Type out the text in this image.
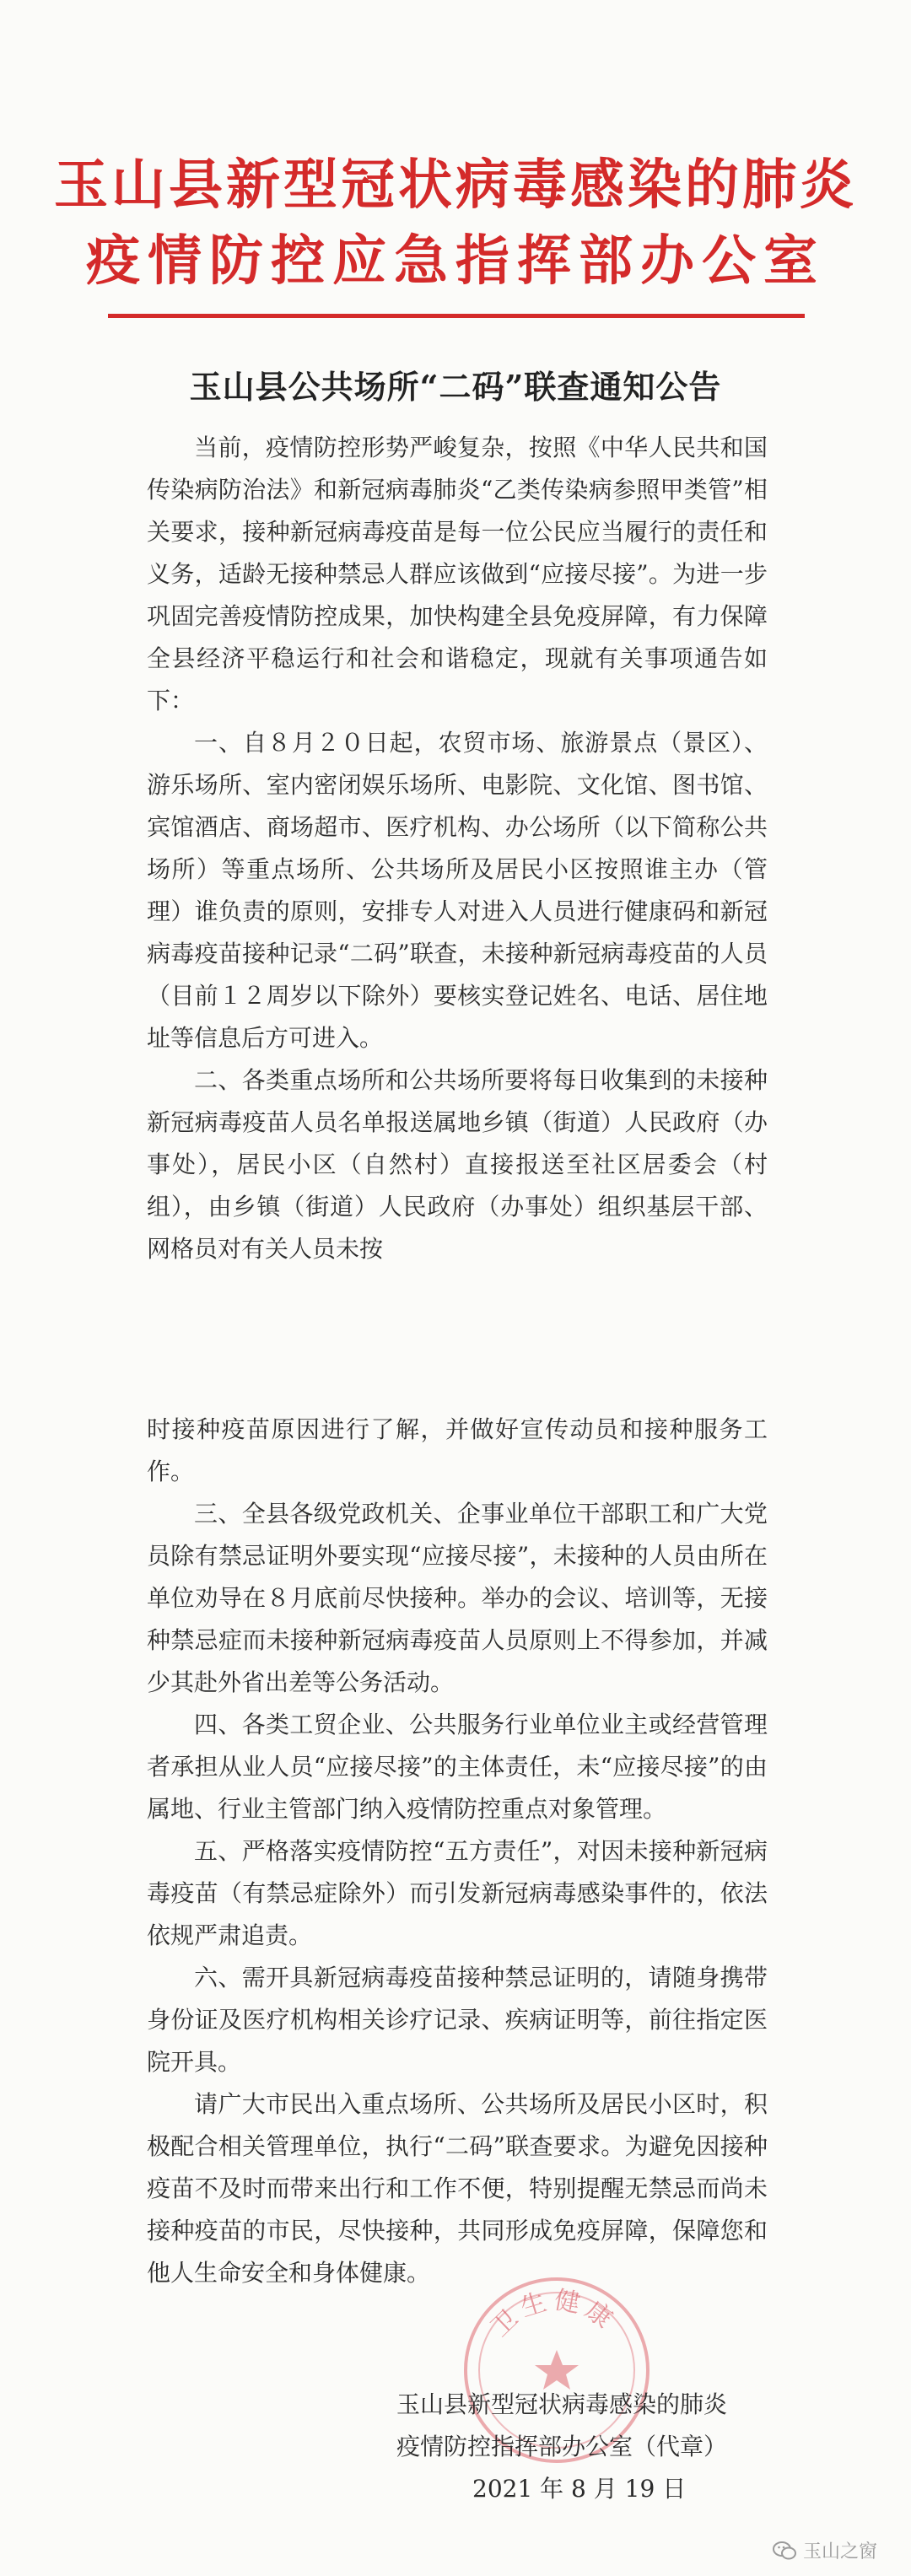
玉山县新型冠状病毒感染的肺炎
疫情防控应急指挥部办公室
玉山县公共场所“二码”联查通知公告

当前，疫情防控形势严峻复杂，按照《中华人民共和国传染病防治法》和新冠病毒肺炎“乙类传染病参照甲类管”相关要求，接种新冠病毒疫苗是每一位公民应当履行的责任和义务，适龄无接种禁忌人群应该做到“应接尽接”。为进一步巩固完善疫情防控成果，加快构建全县免疫屏障，有力保障全县经济平稳运行和社会和谐稳定，现就有关事项通告如下：

一、自８月２０日起，农贸市场、旅游景点（景区）、游乐场所、室内密闭娱乐场所、电影院、文化馆、图书馆、宾馆酒店、商场超市、医疗机构、办公场所（以下简称公共场所）等重点场所、公共场所及居民小区按照谁主办（管理）谁负责的原则，安排专人对进入人员进行健康码和新冠病毒疫苗接种记录“二码”联查，未接种新冠病毒疫苗的人员（目前１２周岁以下除外）要核实登记姓名、电话、居住地址等信息后方可进入。

二、各类重点场所和公共场所要将每日收集到的未接种新冠病毒疫苗人员名单报送属地乡镇（街道）人民政府（办事处），居民小区（自然村）直接报送至社区居委会（村组），由乡镇（街道）人民政府（办事处）组织基层干部、网格员对有关人员未按

时接种疫苗原因进行了解，并做好宣传动员和接种服务工作。

三、全县各级党政机关、企事业单位干部职工和广大党员除有禁忌证明外要实现“应接尽接”，未接种的人员由所在单位劝导在８月底前尽快接种。举办的会议、培训等，无接种禁忌症而未接种新冠病毒疫苗人员原则上不得参加，并减少其赴外省出差等公务活动。

四、各类工贸企业、公共服务行业单位业主或经营管理者承担从业人员“应接尽接”的主体责任，未“应接尽接”的由属地、行业主管部门纳入疫情防控重点对象管理。

五、严格落实疫情防控“五方责任”，对因未接种新冠病毒疫苗（有禁忌症除外）而引发新冠病毒感染事件的，依法依规严肃追责。

六、需开具新冠病毒疫苗接种禁忌证明的，请随身携带身份证及医疗机构相关诊疗记录、疾病证明等，前往指定医院开具。

请广大市民出入重点场所、公共场所及居民小区时，积极配合相关管理单位，执行“二码”联查要求。为避免因接种疫苗不及时而带来出行和工作不便，特别提醒无禁忌而尚未接种疫苗的市民，尽快接种，共同形成免疫屏障，保障您和他人生命安全和身体健康。

卫生健康
玉山县新型冠状病毒感染的肺炎
疫情防控指挥部办公室（代章）
2021 年 8 月 19 日
玉山之窗
